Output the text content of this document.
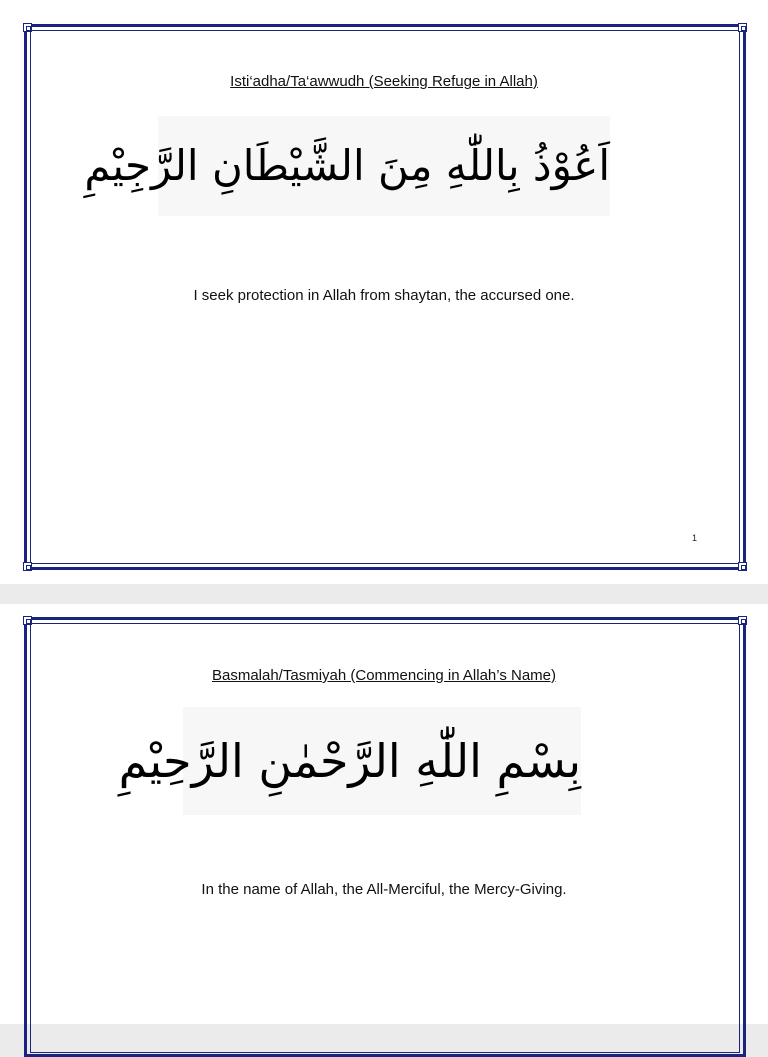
Isti‘adha/Ta‘awwudh (Seeking Refuge in Allah)
اَعُوْذُ بِاللّٰهِ مِنَ الشَّيْطَانِ الرَّجِيْمِ
I seek protection in Allah from shaytan, the accursed one.
1
Basmalah/Tasmiyah (Commencing in Allah’s Name)
بِسْمِ اللّٰهِ الرَّحْمٰنِ الرَّحِيْمِ
In the name of Allah, the All-Merciful, the Mercy-Giving.
